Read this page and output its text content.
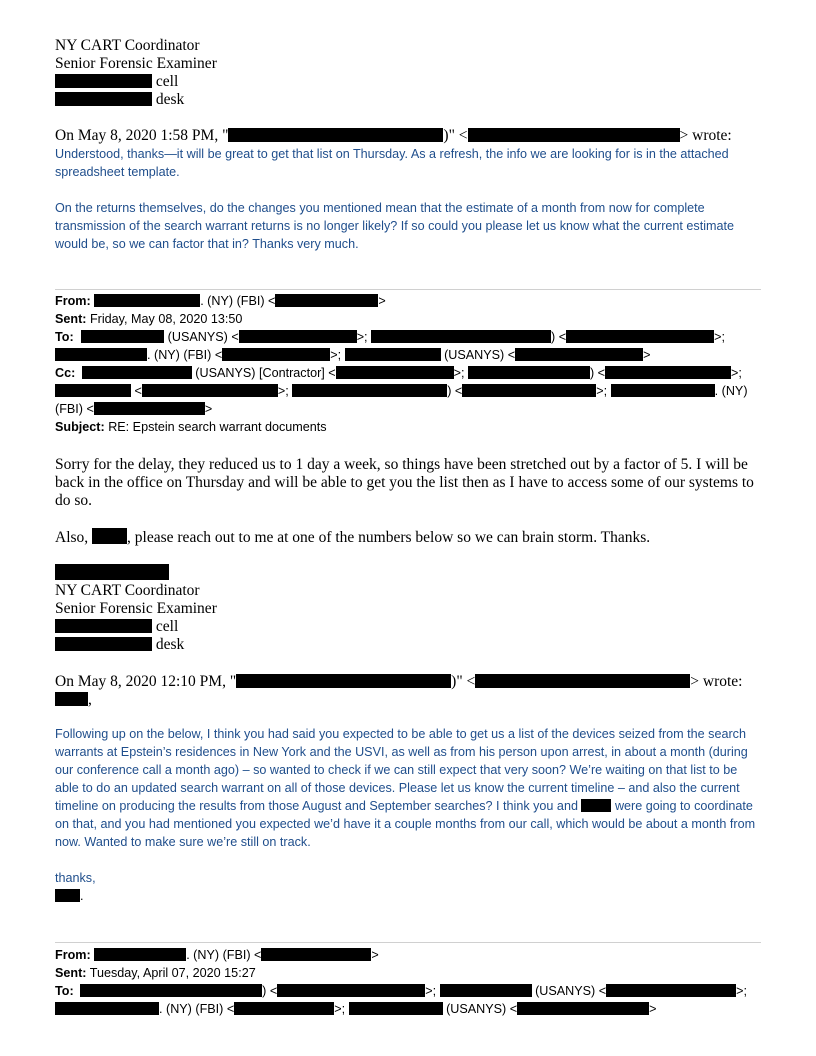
NY CART Coordinator
Senior Forensic Examiner
cell
desk
On May 8, 2020 1:58 PM, "	)" <	> wrote:
Understood, thanks—it will be great to get that list on Thursday. As a refresh, the info we are looking for is in the attached spreadsheet template.
On the returns themselves, do the changes you mentioned mean that the estimate of a month from now for complete transmission of the search warrant returns is no longer likely? If so could you please let us know what the current estimate would be, so we can factor that in? Thanks very much.
From:	. (NY) (FBI) <	>
Sent: Friday, May 08, 2020 13:50
To:	(USANYS) <	>;	) <	>;
. (NY) (FBI) <	>;	(USANYS) <	>
Cc:	(USANYS) [Contractor] <	>;	) <	>;
<	>;	) <	>;	. (NY)
(FBI) <	>
Subject: RE: Epstein search warrant documents
Sorry for the delay, they reduced us to 1 day a week, so things have been stretched out by a factor of 5. I will be back in the office on Thursday and will be able to get you the list then as I have to access some of our systems to do so.
Also, , please reach out to me at one of the numbers below so we can brain storm. Thanks.
NY CART Coordinator
Senior Forensic Examiner
cell
desk
On May 8, 2020 12:10 PM, "	)" <	> wrote:
,
Following up on the below, I think you had said you expected to be able to get us a list of the devices seized from the search warrants at Epstein’s residences in New York and the USVI, as well as from his person upon arrest, in about a month (during our conference call a month ago) – so wanted to check if we can still expect that very soon? We’re waiting on that list to be able to do an updated search warrant on all of those devices. Please let us know the current timeline – and also the current timeline on producing the results from those August and September searches? I think you and	were going to coordinate on that, and you had mentioned you expected we’d have it a couple months from our call, which would be about a month from now. Wanted to make sure we’re still on track.
thanks,
.
From:	. (NY) (FBI) <	>
Sent: Tuesday, April 07, 2020 15:27
To:	) <	>;	(USANYS) <	>;
. (NY) (FBI) <	>;	(USANYS) <	>
